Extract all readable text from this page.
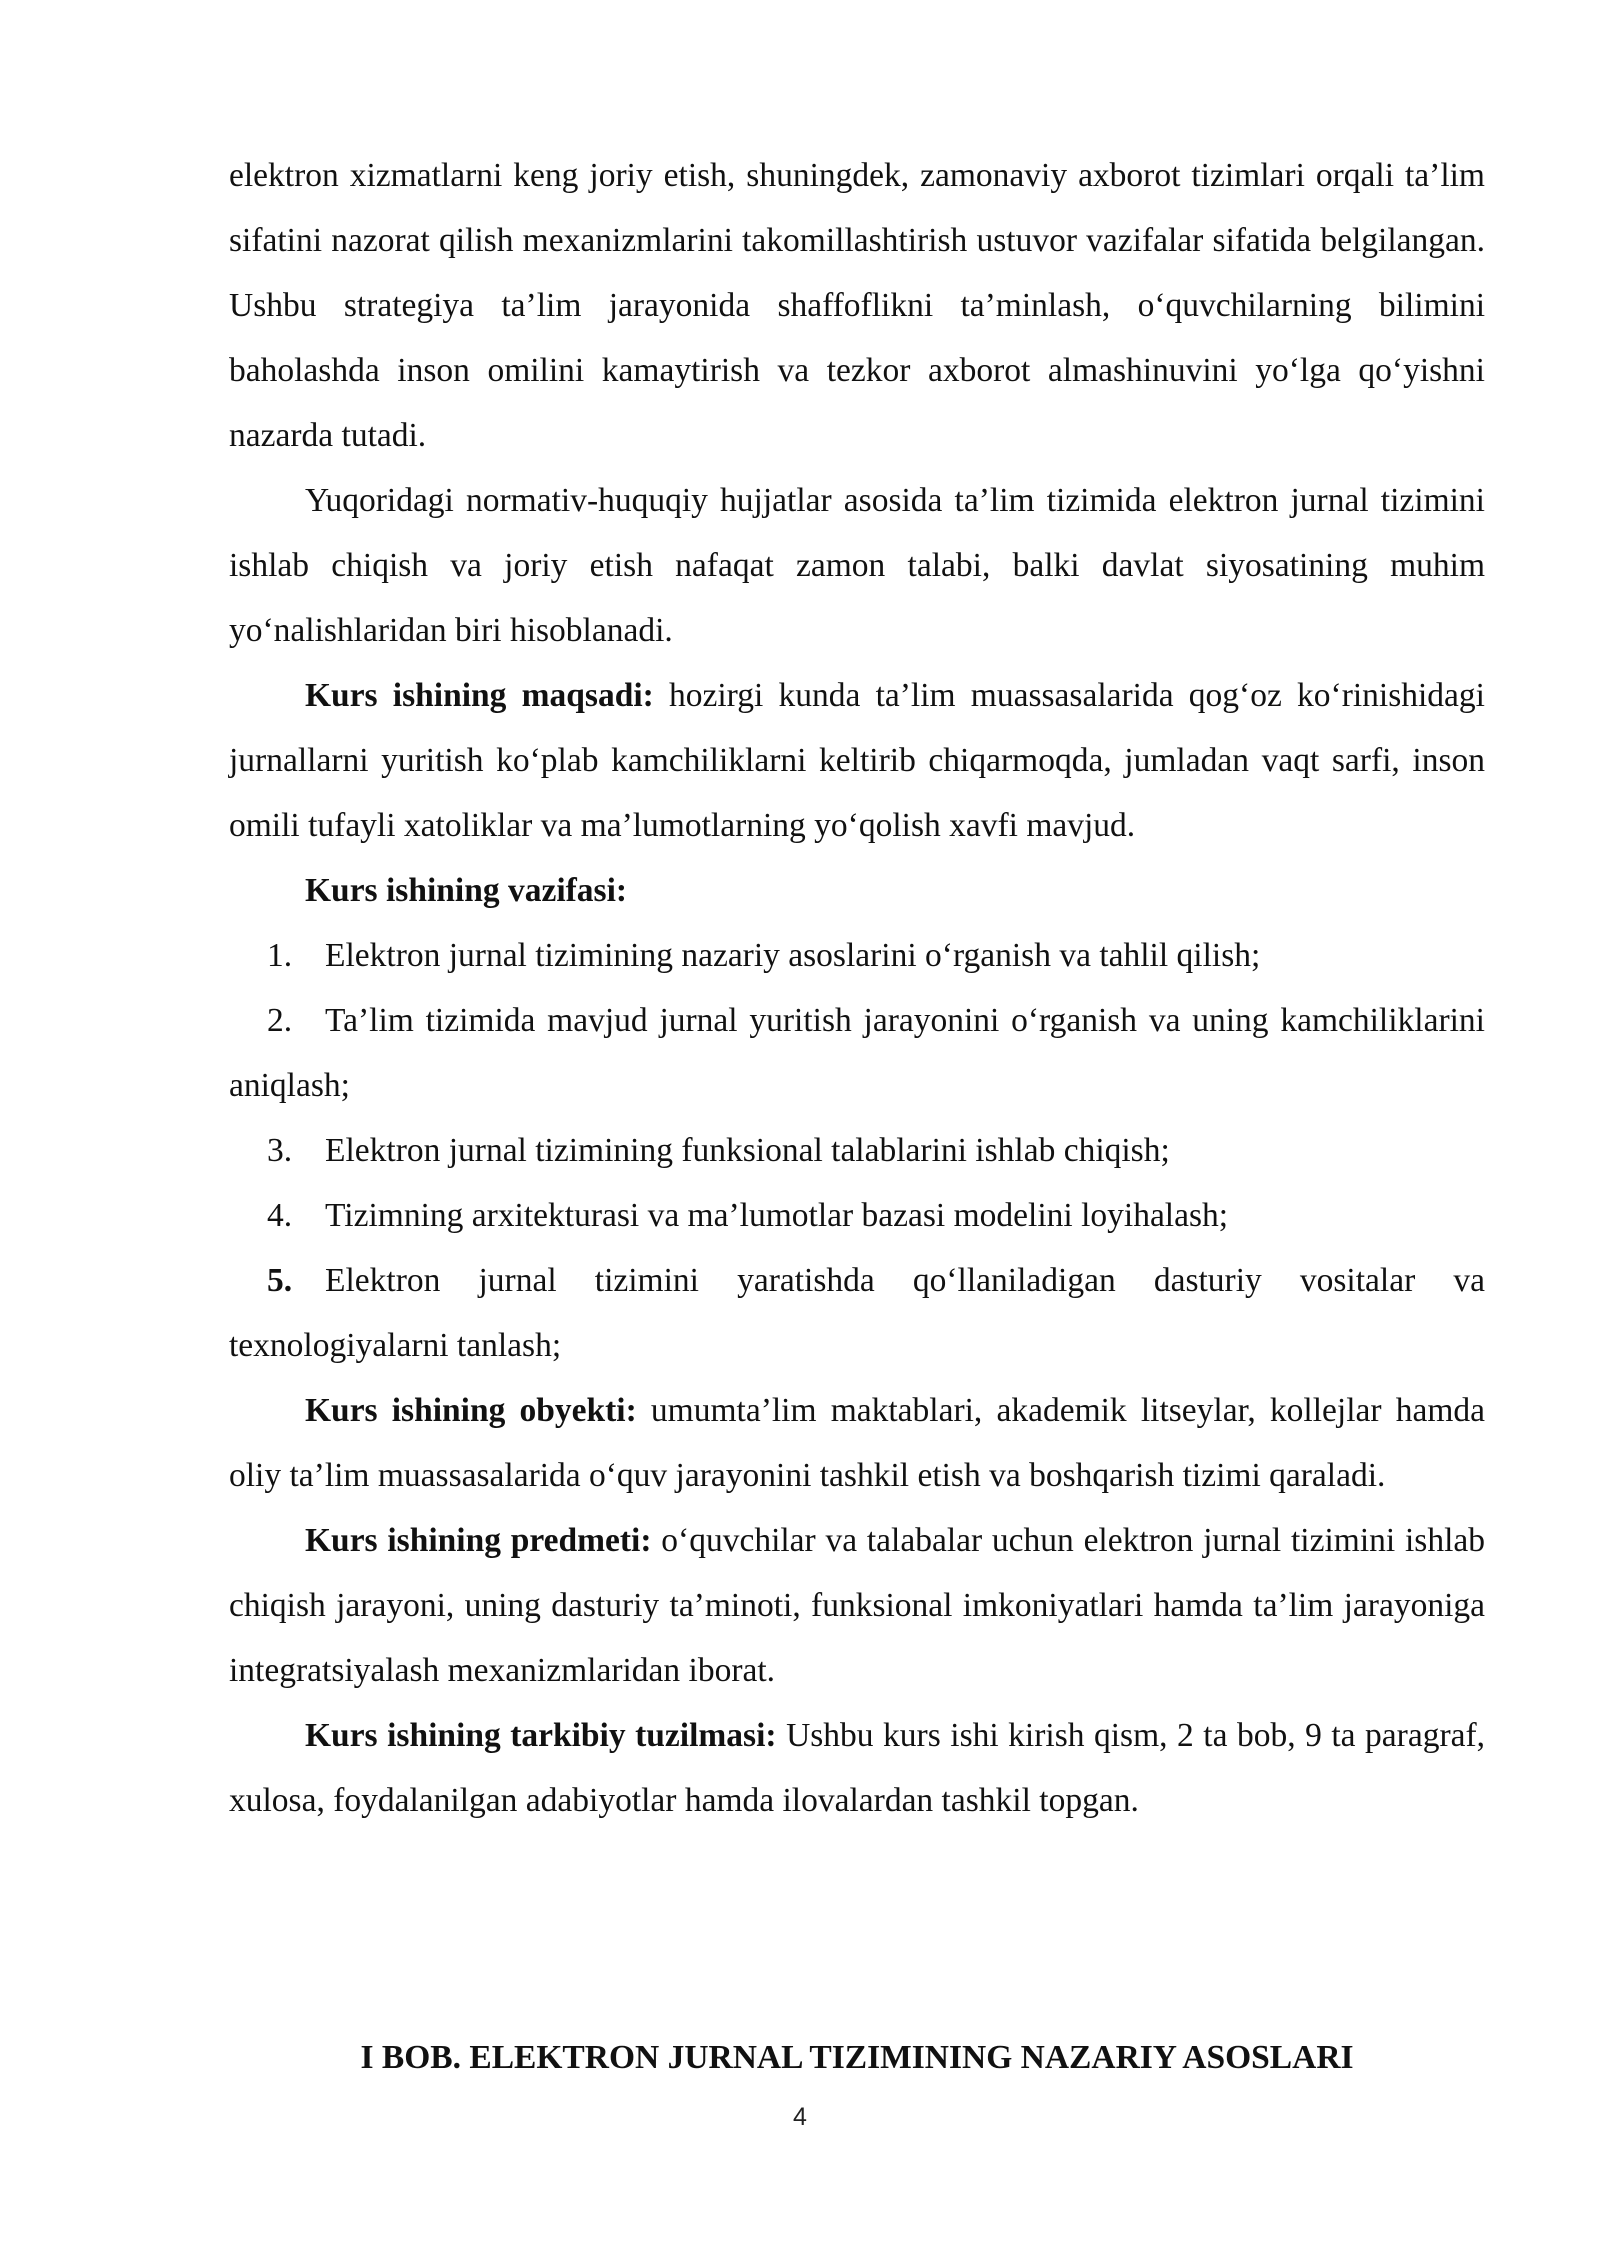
elektron xizmatlarni keng joriy etish, shuningdek, zamonaviy axborot tizimlari orqali ta’lim sifatini nazorat qilish mexanizmlarini takomillashtirish ustuvor vazifalar sifatida belgilangan. Ushbu strategiya ta’lim jarayonida shaffoflikni ta’minlash, o‘quvchilarning bilimini baholashda inson omilini kamaytirish va tezkor axborot almashinuvini yo‘lga qo‘yishni nazarda tutadi.

Yuqoridagi normativ-huquqiy hujjatlar asosida ta’lim tizimida elektron jurnal tizimini ishlab chiqish va joriy etish nafaqat zamon talabi, balki davlat siyosatining muhim yo‘nalishlaridan biri hisoblanadi.

Kurs ishining maqsadi: hozirgi kunda ta’lim muassasalarida qog‘oz ko‘rinishidagi jurnallarni yuritish ko‘plab kamchiliklarni keltirib chiqarmoqda, jumladan vaqt sarfi, inson omili tufayli xatoliklar va ma’lumotlarning yo‘qolish xavfi mavjud.

Kurs ishining vazifasi:

1. Elektron jurnal tizimining nazariy asoslarini o‘rganish va tahlil qilish;

2. Ta’lim tizimida mavjud jurnal yuritish jarayonini o‘rganish va uning kamchiliklarini aniqlash;

3. Elektron jurnal tizimining funksional talablarini ishlab chiqish;

4. Tizimning arxitekturasi va ma’lumotlar bazasi modelini loyihalash;

5. Elektron jurnal tizimini yaratishda qo‘llaniladigan dasturiy vositalar va texnologiyalarni tanlash;

Kurs ishining obyekti: umumta’lim maktablari, akademik litseylar, kollejlar hamda oliy ta’lim muassasalarida o‘quv jarayonini tashkil etish va boshqarish tizimi qaraladi.

Kurs ishining predmeti: o‘quvchilar va talabalar uchun elektron jurnal tizimini ishlab chiqish jarayoni, uning dasturiy ta’minoti, funksional imkoniyatlari hamda ta’lim jarayoniga integratsiyalash mexanizmlaridan iborat.

Kurs ishining tarkibiy tuzilmasi: Ushbu kurs ishi kirish qism, 2 ta bob, 9 ta paragraf, xulosa, foydalanilgan adabiyotlar hamda ilovalardan tashkil topgan.

I BOB. ELEKTRON JURNAL TIZIMINING NAZARIY ASOSLARI
4
